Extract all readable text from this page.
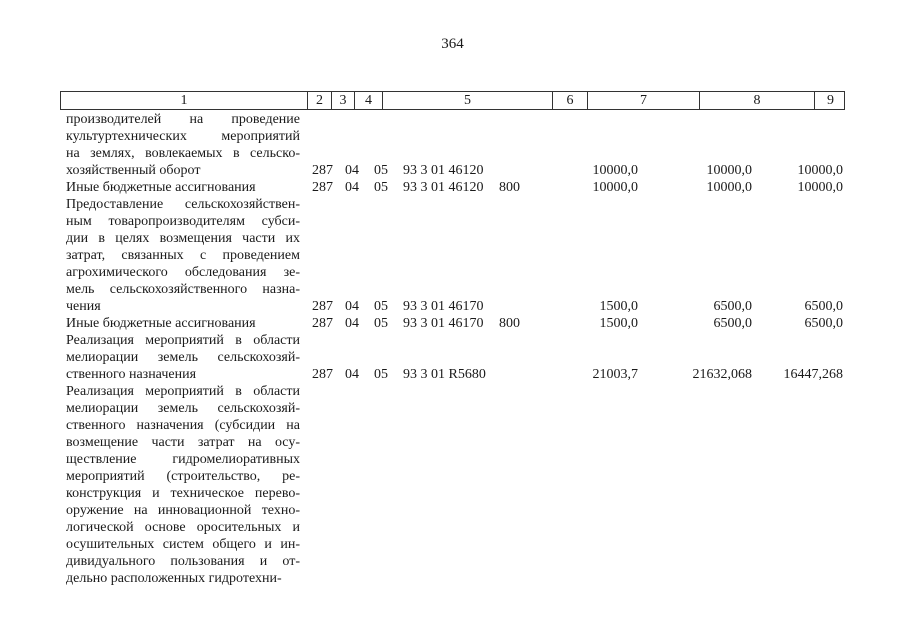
364
1	2	3	4	5	6	7	8	9
производителей на проведение
культуртехнических мероприятий
на землях, вовлекаемых в сельско-
хозяйственный оборот	287 04 05 93 3 01 46120	10000,0	10000,0	10000,0
Иные бюджетные ассигнования	287 04 05 93 3 01 46120 800	10000,0	10000,0	10000,0
Предоставление сельскохозяйствен-
ным товаропроизводителям субси-
дии в целях возмещения части их
затрат, связанных с проведением
агрохимического обследования зе-
мель сельскохозяйственного назна-
чения	287 04 05 93 3 01 46170	1500,0	6500,0	6500,0
Иные бюджетные ассигнования	287 04 05 93 3 01 46170 800	1500,0	6500,0	6500,0
Реализация мероприятий в области
мелиорации земель сельскохозяй-
ственного назначения	287 04 05 93 3 01 R5680	21003,7	21632,068	16447,268
Реализация мероприятий в области
мелиорации земель сельскохозяй-
ственного назначения (субсидии на
возмещение части затрат на осу-
ществление гидромелиоративных
мероприятий (строительство, ре-
конструкция и техническое перево-
оружение на инновационной техно-
логической основе оросительных и
осушительных систем общего и ин-
дивидуального пользования и от-
дельно расположенных гидротехни-
